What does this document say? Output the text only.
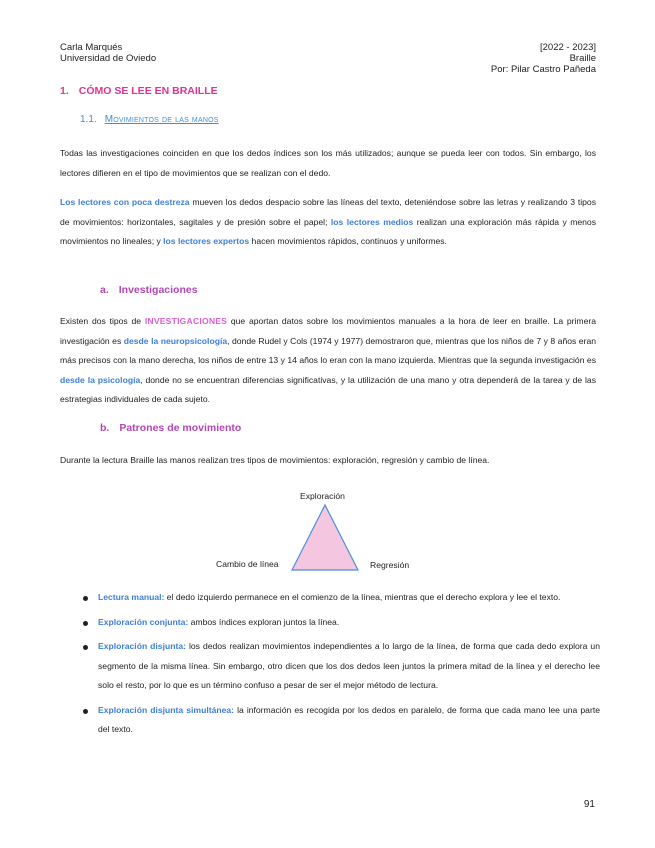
Carla Marqués
Universidad de Oviedo
[2022 - 2023]
Braille
Por: Pilar Castro Pañeda
1. CÓMO SE LEE EN BRAILLE
1.1. Movimientos de las manos
Todas las investigaciones coinciden en que los dedos índices son los más utilizados; aunque se pueda leer con todos. Sin embargo, los lectores difieren en el tipo de movimientos que se realizan con el dedo.
Los lectores con poca destreza mueven los dedos despacio sobre las líneas del texto, deteniéndose sobre las letras y realizando 3 tipos de movimientos: horizontales, sagitales y de presión sobre el papel; los lectores medios realizan una exploración más rápida y menos movimientos no lineales; y los lectores expertos hacen movimientos rápidos, continuos y uniformes.
a. Investigaciones
Existen dos tipos de INVESTIGACIONES que aportan datos sobre los movimientos manuales a la hora de leer en braille. La primera investigación es desde la neuropsicología, donde Rudel y Cols (1974 y 1977) demostraron que, mientras que los niños de 7 y 8 años eran más precisos con la mano derecha, los niños de entre 13 y 14 años lo eran con la mano izquierda. Mientras que la segunda investigación es desde la psicología, donde no se encuentran diferencias significativas, y la utilización de una mano y otra dependerá de la tarea y de las estrategias individuales de cada sujeto.
b. Patrones de movimiento
Durante la lectura Braille las manos realizan tres tipos de movimientos: exploración, regresión y cambio de línea.
Exploración
Cambio de línea	Regresión
Lectura manual: el dedo izquierdo permanece en el comienzo de la línea, mientras que el derecho explora y lee el texto.
Exploración conjunta: ambos índices exploran juntos la línea.
Exploración disjunta: los dedos realizan movimientos independientes a lo largo de la línea, de forma que cada dedo explora un segmento de la misma línea. Sin embargo, otro dicen que los dos dedos leen juntos la primera mitad de la línea y el derecho lee solo el resto, por lo que es un término confuso a pesar de ser el mejor método de lectura.
Exploración disjunta simultánea: la información es recogida por los dedos en paralelo, de forma que cada mano lee una parte del texto.
91
